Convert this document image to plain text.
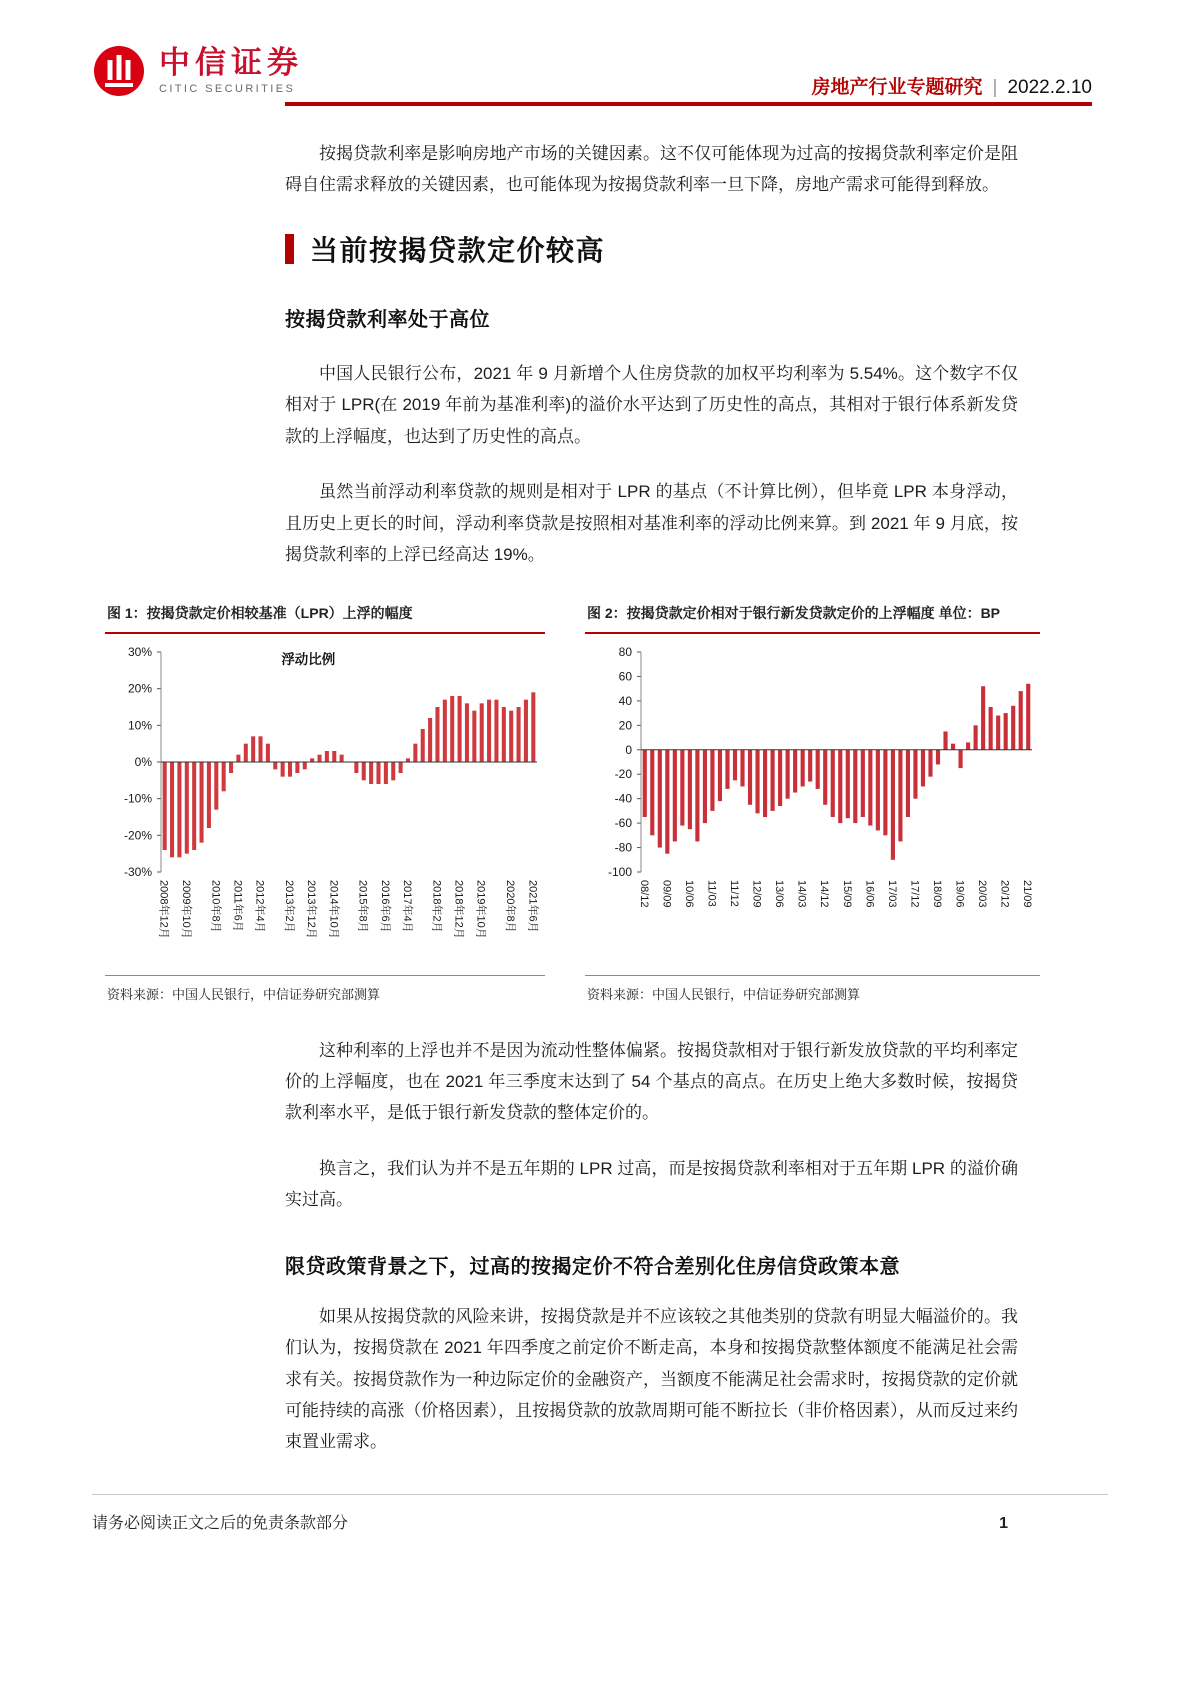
中信证券
CITIC SECURITIES	房地产行业专题研究 | 2022.2.10

按揭贷款利率是影响房地产市场的关键因素。这不仅可能体现为过高的按揭贷款利率定价是阻碍自住需求释放的关键因素，也可能体现为按揭贷款利率一旦下降，房地产需求可能得到释放。

当前按揭贷款定价较高
按揭贷款利率处于高位

中国人民银行公布，2021 年 9 月新增个人住房贷款的加权平均利率为 5.54%。这个数字不仅相对于 LPR(在 2019 年前为基准利率)的溢价水平达到了历史性的高点，其相对于银行体系新发贷款的上浮幅度，也达到了历史性的高点。

虽然当前浮动利率贷款的规则是相对于 LPR 的基点（不计算比例），但毕竟 LPR 本身浮动，且历史上更长的时间，浮动利率贷款是按照相对基准利率的浮动比例来算。到 2021 年 9 月底，按揭贷款利率的上浮已经高达 19%。

图 1：按揭贷款定价相较基准（LPR）上浮的幅度
30%
20%
10%
0%
-10%
-20%
-30%
2008年12月 2009年10月 2010年8月 2011年6月 2012年4月 2013年2月 2013年12月 2014年10月 2015年8月 2016年6月 2017年4月 2018年2月 2018年12月 2019年10月 2020年8月 2021年6月
浮动比例
资料来源：中国人民银行，中信证券研究部测算
图 2：按揭贷款定价相对于银行新发贷款定价的上浮幅度 单位：BP
80
60
40
20
0
-20
-40
-60
-80
-100
08/12 09/09 10/06 11/03 11/12 12/09 13/06 14/03 14/12 15/09 16/06 17/03 17/12 18/09 19/06 20/03 20/12 21/09
资料来源：中国人民银行，中信证券研究部测算

这种利率的上浮也并不是因为流动性整体偏紧。按揭贷款相对于银行新发放贷款的平均利率定价的上浮幅度，也在 2021 年三季度末达到了 54 个基点的高点。在历史上绝大多数时候，按揭贷款利率水平，是低于银行新发贷款的整体定价的。

换言之，我们认为并不是五年期的 LPR 过高，而是按揭贷款利率相对于五年期 LPR 的溢价确实过高。

限贷政策背景之下，过高的按揭定价不符合差别化住房信贷政策本意

如果从按揭贷款的风险来讲，按揭贷款是并不应该较之其他类别的贷款有明显大幅溢价的。我们认为，按揭贷款在 2021 年四季度之前定价不断走高，本身和按揭贷款整体额度不能满足社会需求有关。按揭贷款作为一种边际定价的金融资产，当额度不能满足社会需求时，按揭贷款的定价就可能持续的高涨（价格因素），且按揭贷款的放款周期可能不断拉长（非价格因素），从而反过来约束置业需求。

请务必阅读正文之后的免责条款部分	1
